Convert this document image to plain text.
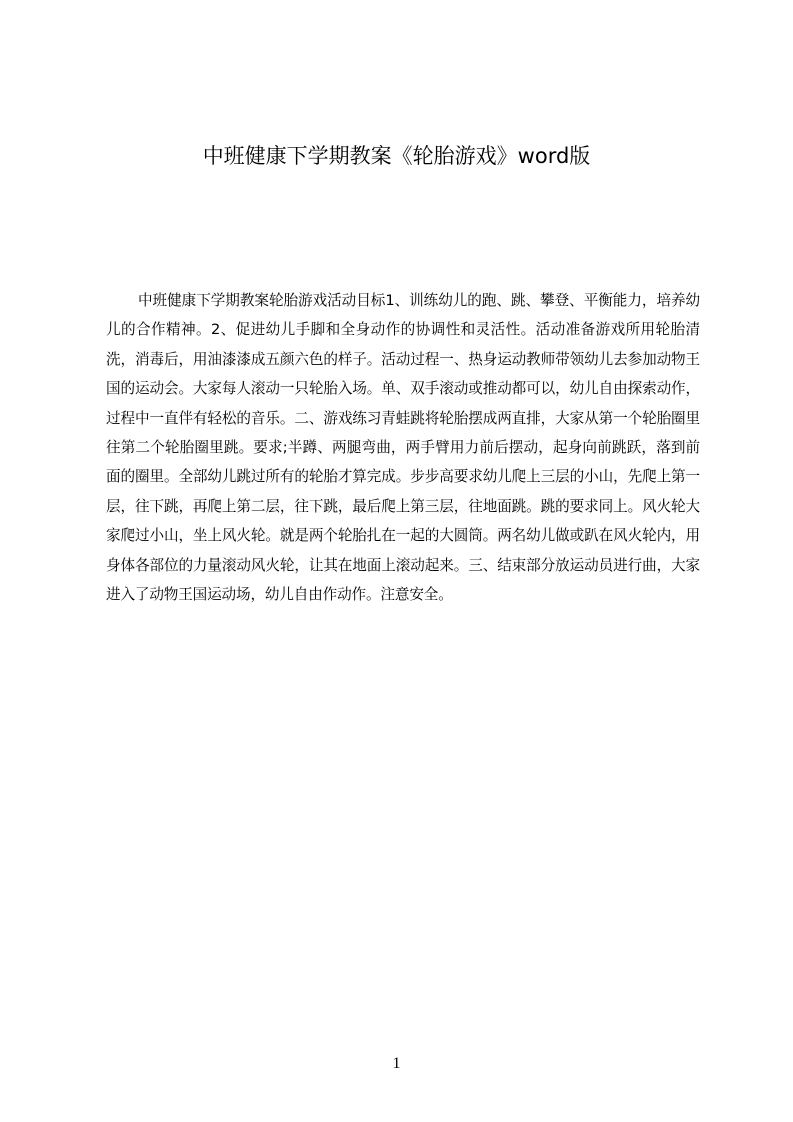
中班健康下学期教案《轮胎游戏》word版

中班健康下学期教案轮胎游戏活动目标1、训练幼儿的跑、跳、攀登、平衡能力，培养幼儿的合作精神。2、促进幼儿手脚和全身动作的协调性和灵活性。活动准备游戏所用轮胎清洗，消毒后，用油漆漆成五颜六色的样子。活动过程一、热身运动教师带领幼儿去参加动物王国的运动会。大家每人滚动一只轮胎入场。单、双手滚动或推动都可以，幼儿自由探索动作，过程中一直伴有轻松的音乐。二、游戏练习青蛙跳将轮胎摆成两直排，大家从第一个轮胎圈里往第二个轮胎圈里跳。要求;半蹲、两腿弯曲，两手臂用力前后摆动，起身向前跳跃，落到前面的圈里。全部幼儿跳过所有的轮胎才算完成。步步高要求幼儿爬上三层的小山，先爬上第一层，往下跳，再爬上第二层，往下跳，最后爬上第三层，往地面跳。跳的要求同上。风火轮大家爬过小山，坐上风火轮。就是两个轮胎扎在一起的大圆筒。两名幼儿做或趴在风火轮内，用身体各部位的力量滚动风火轮，让其在地面上滚动起来。三、结束部分放运动员进行曲，大家进入了动物王国运动场，幼儿自由作动作。注意安全。

1
